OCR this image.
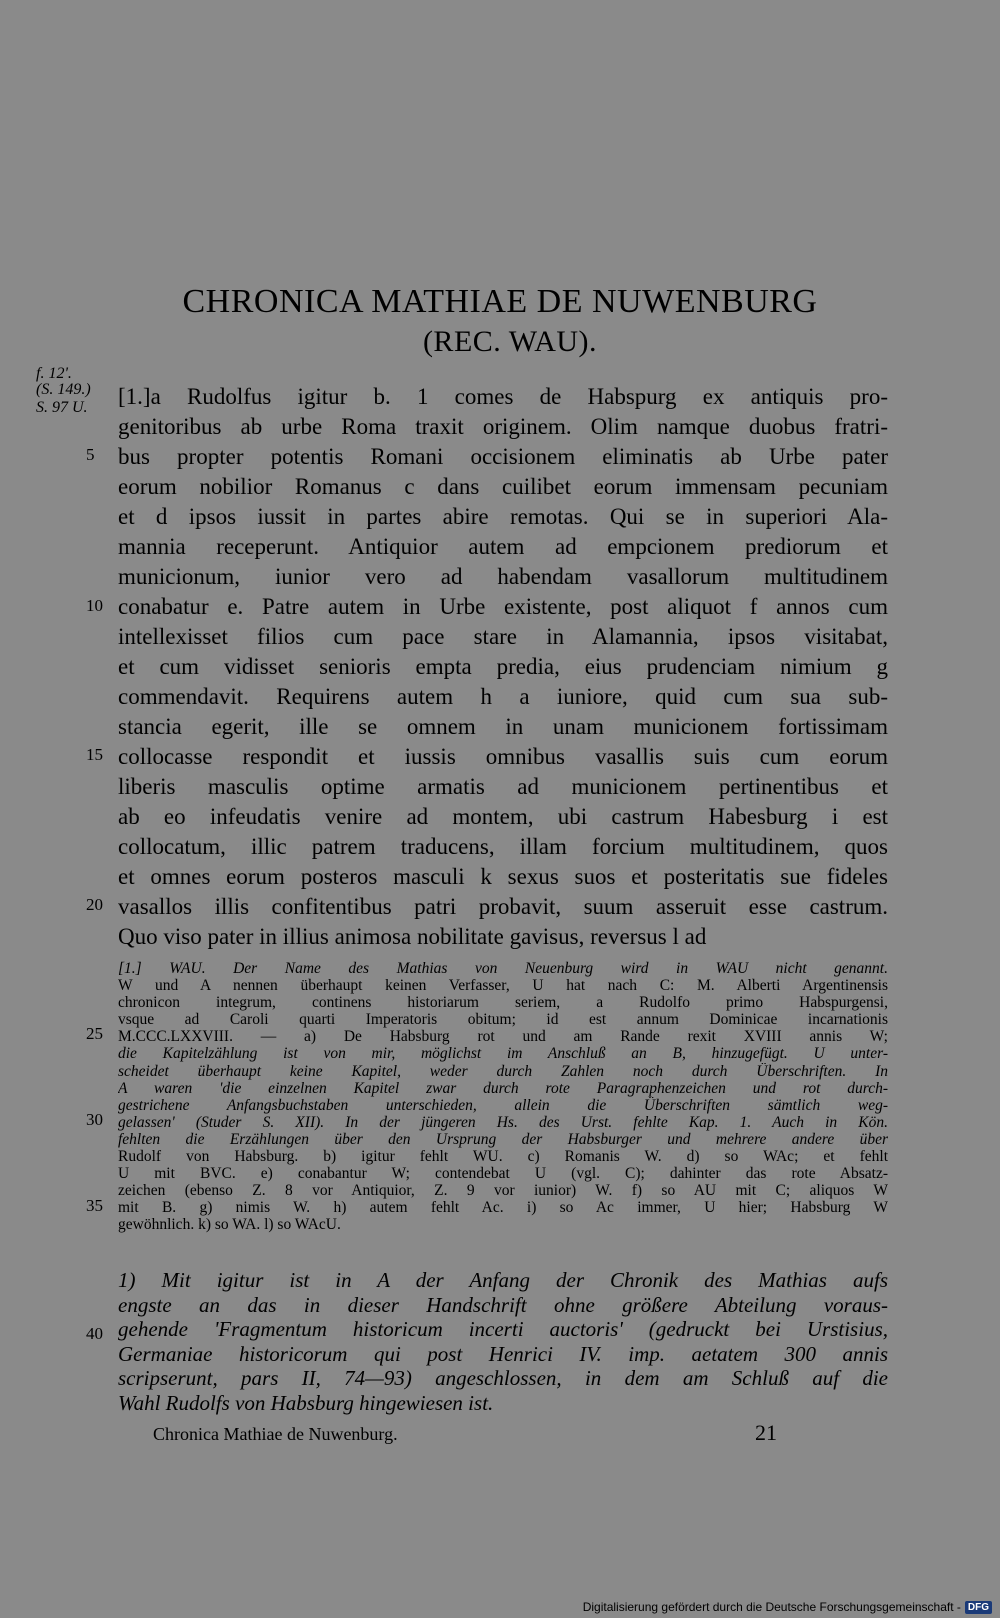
CHRONICA MATHIAE DE NUWENBURG
(REC. WAU).
f. 12'.
(S. 149.)
S. 97 U.
5
10
15
20
25
30
35
40
[1.]a Rudolfus igitur b. 1 comes de Habspurg ex antiquis pro-
genitoribus ab urbe Roma traxit originem. Olim namque duobus fratri-
bus propter potentis Romani occisionem eliminatis ab Urbe pater
eorum nobilior Romanus c dans cuilibet eorum immensam pecuniam
et d ipsos iussit in partes abire remotas. Qui se in superiori Ala-
mannia receperunt. Antiquior autem ad empcionem prediorum et
municionum, iunior vero ad habendam vasallorum multitudinem
conabatur e. Patre autem in Urbe existente, post aliquot f annos cum
intellexisset filios cum pace stare in Alamannia, ipsos visitabat,
et cum vidisset senioris empta predia, eius prudenciam nimium g
commendavit. Requirens autem h a iuniore, quid cum sua sub-
stancia egerit, ille se omnem in unam municionem fortissimam
collocasse respondit et iussis omnibus vasallis suis cum eorum
liberis masculis optime armatis ad municionem pertinentibus et
ab eo infeudatis venire ad montem, ubi castrum Habesburg i est
collocatum, illic patrem traducens, illam forcium multitudinem, quos
et omnes eorum posteros masculi k sexus suos et posteritatis sue fideles
vasallos illis confitentibus patri probavit, suum asseruit esse castrum.
Quo viso pater in illius animosa nobilitate gavisus, reversus l ad
[1.] WAU. Der Name des Mathias von Neuenburg wird in WAU nicht genannt.
W und A nennen überhaupt keinen Verfasser, U hat nach C: M. Alberti Argentinensis
chronicon integrum, continens historiarum seriem, a Rudolfo primo Habspurgensi,
vsque ad Caroli quarti Imperatoris obitum; id est annum Dominicae incarnationis
M.CCC.LXXVIII. — a) De Habsburg rot und am Rande rexit XVIII annis W;
die Kapitelzählung ist von mir, möglichst im Anschluß an B, hinzugefügt. U unter-
scheidet überhaupt keine Kapitel, weder durch Zahlen noch durch Überschriften. In
A waren 'die einzelnen Kapitel zwar durch rote Paragraphenzeichen und rot durch-
gestrichene Anfangsbuchstaben unterschieden, allein die Überschriften sämtlich weg-
gelassen' (Studer S. XII). In der jüngeren Hs. des Urst. fehlte Kap. 1. Auch in Kön.
fehlten die Erzählungen über den Ursprung der Habsburger und mehrere andere über
Rudolf von Habsburg. b) igitur fehlt WU. c) Romanis W. d) so WAc; et fehlt
U mit BVC. e) conabantur W; contendebat U (vgl. C); dahinter das rote Absatz-
zeichen (ebenso Z. 8 vor Antiquior, Z. 9 vor iunior) W. f) so AU mit C; aliquos W
mit B. g) nimis W. h) autem fehlt Ac. i) so Ac immer, U hier; Habsburg W
gewöhnlich. k) so WA. l) so WAcU.
1) Mit igitur ist in A der Anfang der Chronik des Mathias aufs
engste an das in dieser Handschrift ohne größere Abteilung voraus-
gehende 'Fragmentum historicum incerti auctoris' (gedruckt bei Urstisius,
Germaniae historicorum qui post Henrici IV. imp. aetatem 300 annis
scripserunt, pars II, 74—93) angeschlossen, in dem am Schluß auf die
Wahl Rudolfs von Habsburg hingewiesen ist.
Chronica Mathiae de Nuwenburg.	21
Digitalisierung gefördert durch die Deutsche Forschungsgemeinschaft - DFG
